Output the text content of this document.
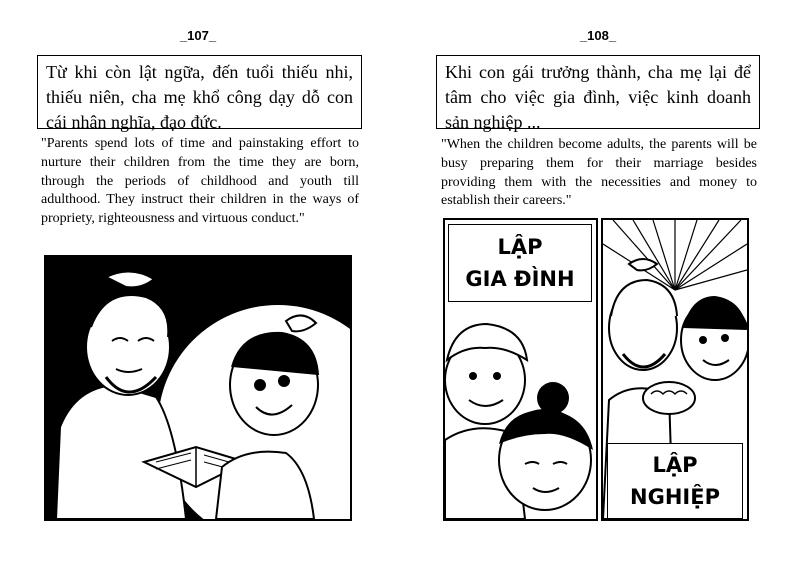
_107_
Từ khi còn lật ngữa, đến tuổi thiếu nhi, thiếu niên, cha mẹ khổ công dạy dỗ con cái nhân nghĩa, đạo đức.
"Parents spend lots of time and painstaking effort to nurture their children from the time they are born, through the periods of childhood and youth till adulthood. They instruct their children in the ways of propriety, righteousness and virtuous conduct."
_108_
Khi con gái trưởng thành, cha mẹ lại để tâm cho việc gia đình, việc kinh doanh sản nghiệp ...
"When the children become adults, the parents will be busy preparing them for their marriage besides providing them with the necessities and money to establish their careers."
LẬP
GIA ĐÌNH
LẬP
NGHIỆP
